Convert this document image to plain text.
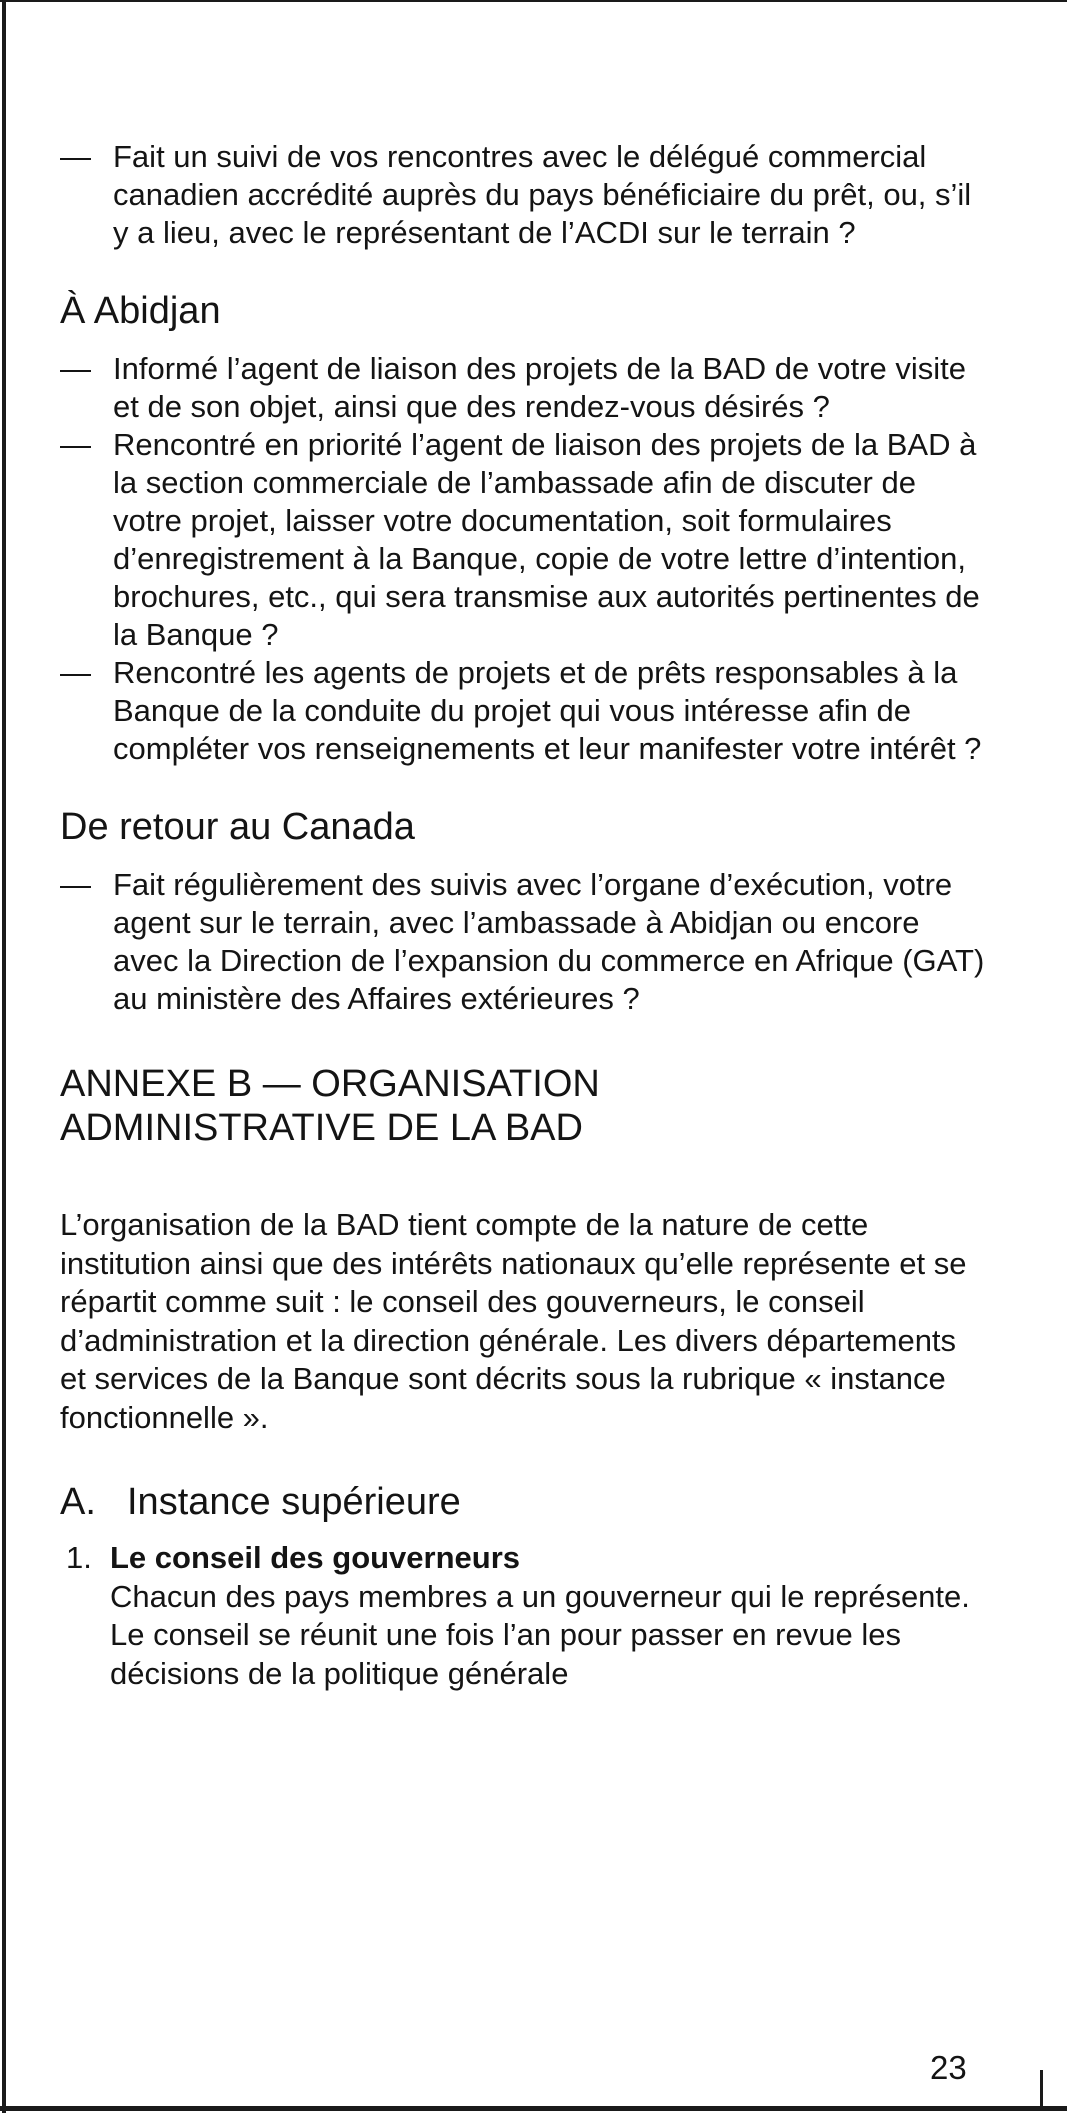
— Fait un suivi de vos rencontres avec le délégué commercial canadien accrédité auprès du pays bénéficiaire du prêt, ou, s’il y a lieu, avec le représentant de l’ACDI sur le terrain ?
À Abidjan
— Informé l’agent de liaison des projets de la BAD de votre visite et de son objet, ainsi que des rendez-vous désirés ?
— Rencontré en priorité l’agent de liaison des projets de la BAD à la section commerciale de l’ambassade afin de discuter de votre projet, laisser votre documentation, soit formulaires d’enregistrement à la Banque, copie de votre lettre d’intention, brochures, etc., qui sera transmise aux autorités pertinentes de la Banque ?
— Rencontré les agents de projets et de prêts responsables à la Banque de la conduite du projet qui vous intéresse afin de compléter vos renseignements et leur manifester votre intérêt ?
De retour au Canada
— Fait régulièrement des suivis avec l’organe d’exécution, votre agent sur le terrain, avec l’ambassade à Abidjan ou encore avec la Direction de l’expansion du commerce en Afrique (GAT) au ministère des Affaires extérieures ?
ANNEXE B — ORGANISATION
ADMINISTRATIVE DE LA BAD

L’organisation de la BAD tient compte de la nature de cette institution ainsi que des intérêts nationaux qu’elle représente et se répartit comme suit : le conseil des gouverneurs, le conseil d’administration et la direction générale. Les divers départements et services de la Banque sont décrits sous la rubrique « instance fonctionnelle ».

A. Instance supérieure
1. Le conseil des gouverneurs
Chacun des pays membres a un gouverneur qui le représente. Le conseil se réunit une fois l’an pour passer en revue les décisions de la politique générale
23
